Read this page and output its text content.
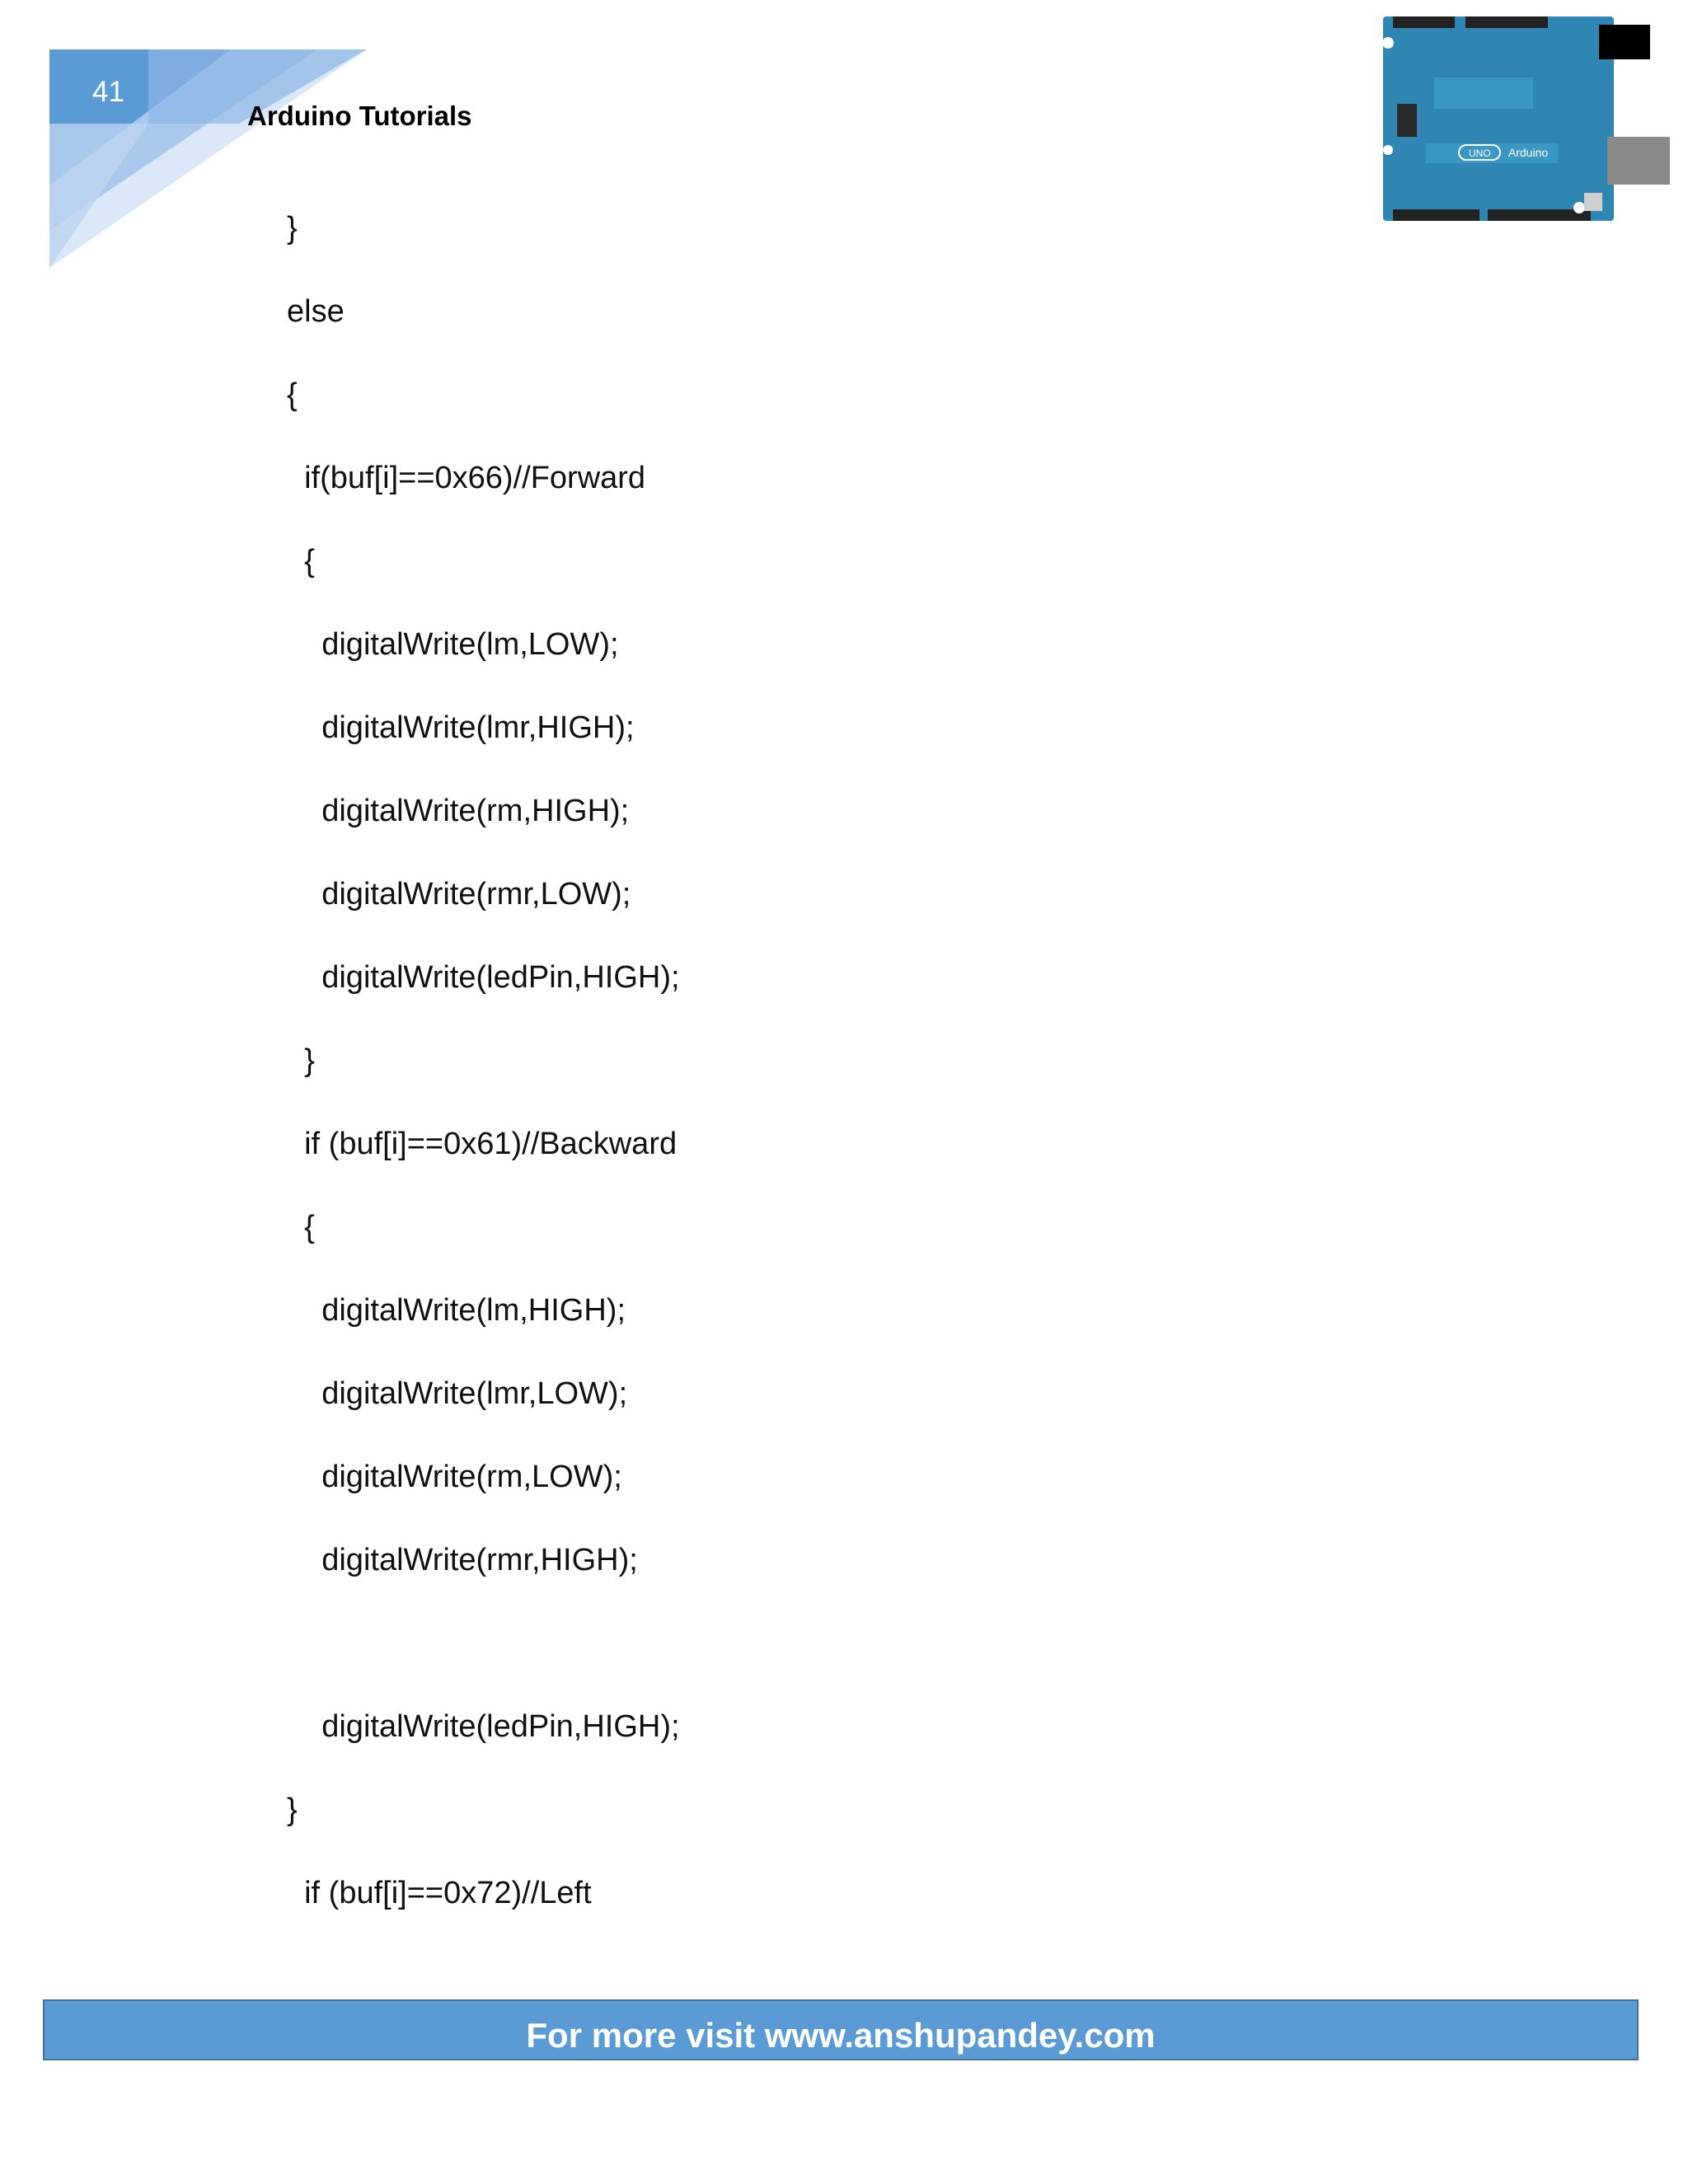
41
Arduino Tutorials
UNO Arduino
}
else
{
if(buf[i]==0x66)//Forward
{
digitalWrite(lm,LOW);
digitalWrite(lmr,HIGH);
digitalWrite(rm,HIGH);
digitalWrite(rmr,LOW);
digitalWrite(ledPin,HIGH);
}
if (buf[i]==0x61)//Backward
{
digitalWrite(lm,HIGH);
digitalWrite(lmr,LOW);
digitalWrite(rm,LOW);
digitalWrite(rmr,HIGH);
digitalWrite(ledPin,HIGH);
}
if (buf[i]==0x72)//Left
For more visit www.anshupandey.com
